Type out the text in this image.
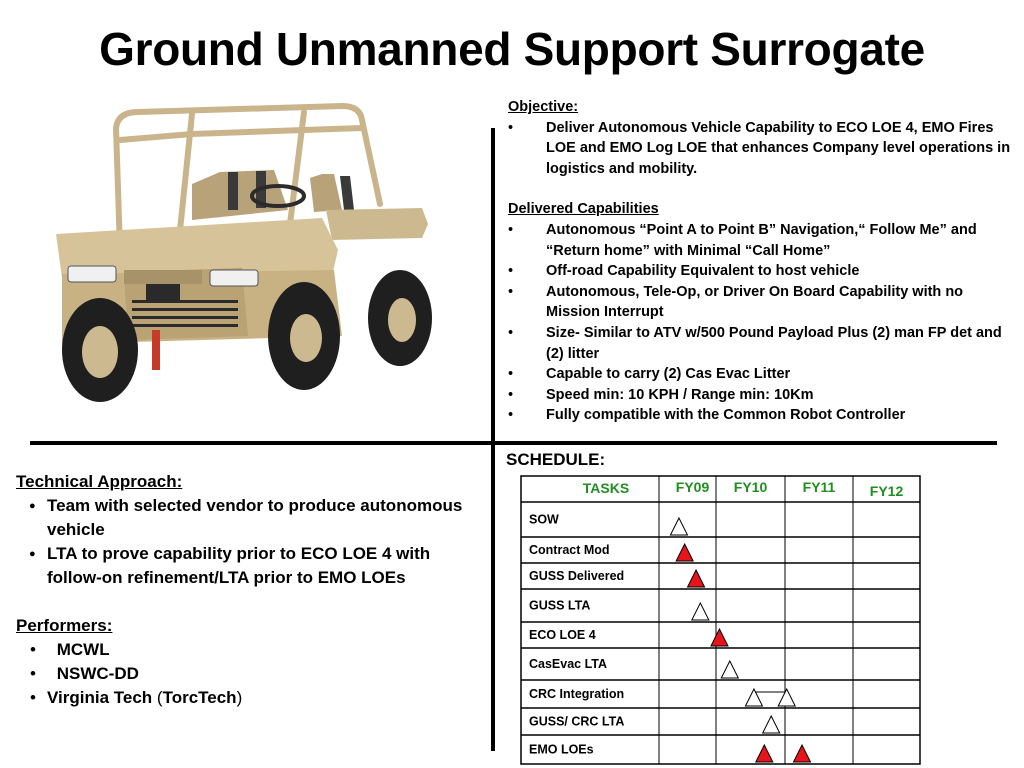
Ground Unmanned Support Surrogate
Objective:
• Deliver Autonomous Vehicle Capability to ECO LOE 4, EMO Fires LOE and EMO Log LOE that enhances Company level operations in logistics and mobility.
Delivered Capabilities
• Autonomous “Point A to Point B” Navigation,“ Follow Me” and “Return home” with Minimal “Call Home”
• Off-road Capability Equivalent to host vehicle
• Autonomous, Tele-Op, or Driver On Board Capability with no Mission Interrupt
• Size- Similar to ATV w/500 Pound Payload Plus (2) man FP det and (2) litter
• Capable to carry (2) Cas Evac Litter
• Speed min: 10 KPH / Range min: 10Km
• Fully compatible with the Common Robot Controller
SCHEDULE:
TASKS	FY09 FY10	FY11 FY12
SOW
Contract Mod
GUSS Delivered
GUSS LTA
ECO LOE 4
CasEvac LTA
CRC Integration
GUSS/ CRC LTA
EMO LOEs
Technical Approach:
● Team with selected vendor to produce autonomous vehicle
● LTA to prove capability prior to ECO LOE 4 with follow-on refinement/LTA prior to EMO LOEs
Performers:
•  MCWL
•  NSWC-DD
• Virginia Tech (TorcTech)
